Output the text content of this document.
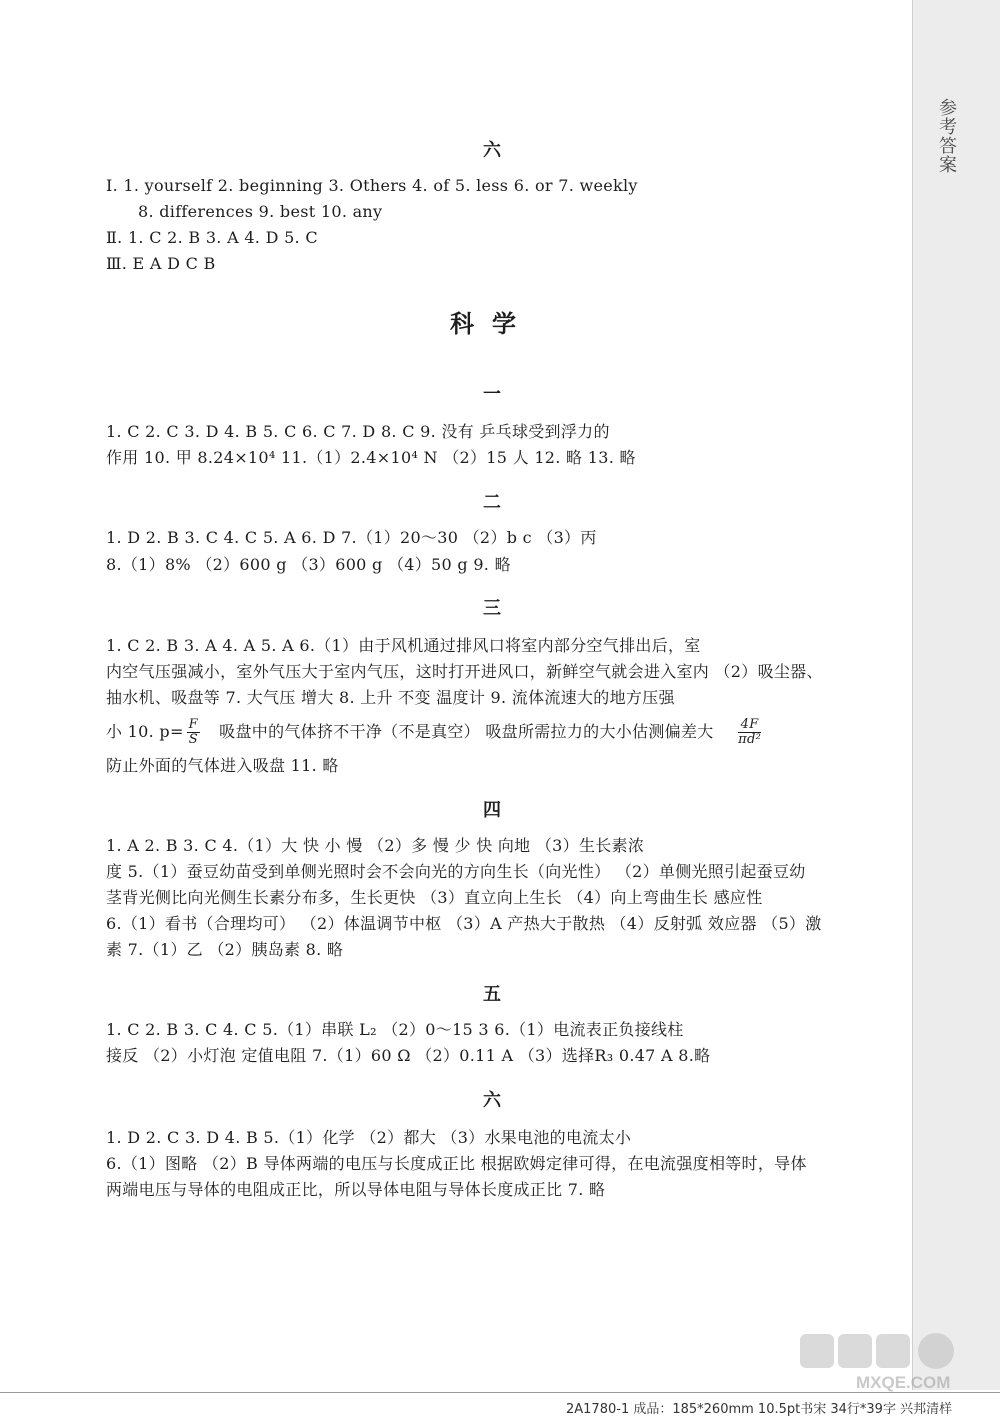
参考答案
六
Ⅰ. 1. yourself 2. beginning 3. Others 4. of 5. less 6. or 7. weekly
8. differences 9. best 10. any
Ⅱ. 1. C 2. B 3. A 4. D 5. C
Ⅲ. E A D C B
科学
一
1. C 2. C 3. D 4. B 5. C 6. C 7. D 8. C 9. 没有 乒乓球受到浮力的
作用 10. 甲 8.24×10⁴ 11.（1）2.4×10⁴ N （2）15 人 12. 略 13. 略
二
1. D 2. B 3. C 4. C 5. A 6. D 7.（1）20～30 （2）b c （3）丙
8.（1）8% （2）600 g （3）600 g （4）50 g 9. 略
三
1. C 2. B 3. A 4. A 5. A 6.（1）由于风机通过排风口将室内部分空气排出后，室
内空气压强减小，室外气压大于室内气压，这时打开进风口，新鲜空气就会进入室内 （2）吸尘器、
抽水机、吸盘等 7. 大气压 增大 8. 上升 不变 温度计 9. 流体流速大的地方压强
小 10. $p= \frac{F}{S}$ 吸盘中的气体挤不干净（不是真空） 吸盘所需拉力的大小估测偏差大 $\frac{4F}{\text{πd²}}$
防止外面的气体进入吸盘 11. 略
四
1. A 2. B 3. C 4.（1）大 快 小 慢 （2）多 慢 少 快 向地 （3）生长素浓
度 5.（1）蚕豆幼苗受到单侧光照时会不会向光的方向生长（向光性） （2）单侧光照引起蚕豆幼
茎背光侧比向光侧生长素分布多，生长更快 （3）直立向上生长 （4）向上弯曲生长 感应性
6.（1）看书（合理均可） （2）体温调节中枢 （3）A 产热大于散热 （4）反射弧 效应器 （5）激
素 7.（1）乙 （2）胰岛素 8. 略
五
1. C 2. B 3. C 4. C 5.（1）串联 L₂ （2）0～15 3 6.（1）电流表正负接线柱
接反 （2）小灯泡 定值电阻 7.（1）60 Ω （2）0.11 A （3）选择R₃ 0.47 A 8.略
六
1. D 2. C 3. D 4. B 5.（1）化学 （2）都大 （3）水果电池的电流太小
6.（1）图略 （2）B 导体两端的电压与长度成正比 根据欧姆定律可得，在电流强度相等时，导体
两端电压与导体的电阻成正比，所以导体电阻与导体长度成正比 7. 略
MXQE.COM
2A1780-1 成品：185*260mm 10.5pt书宋 34行*39字 兴邦清样
